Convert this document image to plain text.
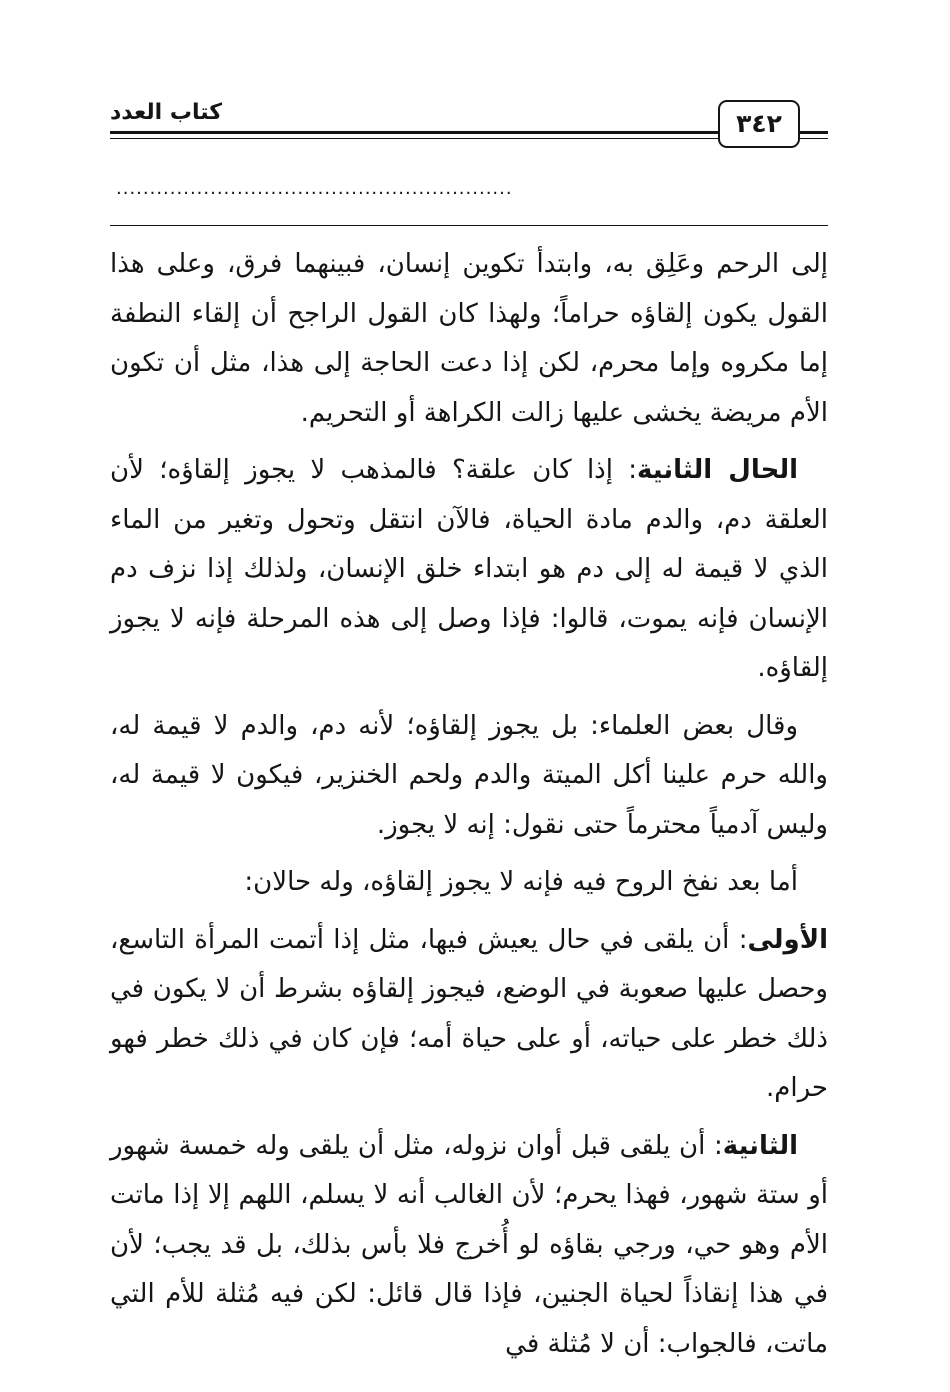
كتاب العدد	٣٤٢
...........................................................

إلى الرحم وعَلِق به، وابتدأ تكوين إنسان، فبينهما فرق، وعلى هذا القول يكون إلقاؤه حراماً؛ ولهذا كان القول الراجح أن إلقاء النطفة إما مكروه وإما محرم، لكن إذا دعت الحاجة إلى هذا، مثل أن تكون الأم مريضة يخشى عليها زالت الكراهة أو التحريم.

الحال الثانية: إذا كان علقة؟ فالمذهب لا يجوز إلقاؤه؛ لأن العلقة دم، والدم مادة الحياة، فالآن انتقل وتحول وتغير من الماء الذي لا قيمة له إلى دم هو ابتداء خلق الإنسان، ولذلك إذا نزف دم الإنسان فإنه يموت، قالوا: فإذا وصل إلى هذه المرحلة فإنه لا يجوز إلقاؤه.

وقال بعض العلماء: بل يجوز إلقاؤه؛ لأنه دم، والدم لا قيمة له، والله حرم علينا أكل الميتة والدم ولحم الخنزير، فيكون لا قيمة له، وليس آدمياً محترماً حتى نقول: إنه لا يجوز.

أما بعد نفخ الروح فيه فإنه لا يجوز إلقاؤه، وله حالان:

الأولى: أن يلقى في حال يعيش فيها، مثل إذا أتمت المرأة التاسع، وحصل عليها صعوبة في الوضع، فيجوز إلقاؤه بشرط أن لا يكون في ذلك خطر على حياته، أو على حياة أمه؛ فإن كان في ذلك خطر فهو حرام.

الثانية: أن يلقى قبل أوان نزوله، مثل أن يلقى وله خمسة شهور أو ستة شهور، فهذا يحرم؛ لأن الغالب أنه لا يسلم، اللهم إلا إذا ماتت الأم وهو حي، ورجي بقاؤه لو أُخرج فلا بأس بذلك، بل قد يجب؛ لأن في هذا إنقاذاً لحياة الجنين، فإذا قال قائل: لكن فيه مُثلة للأم التي ماتت، فالجواب: أن لا مُثلة في
